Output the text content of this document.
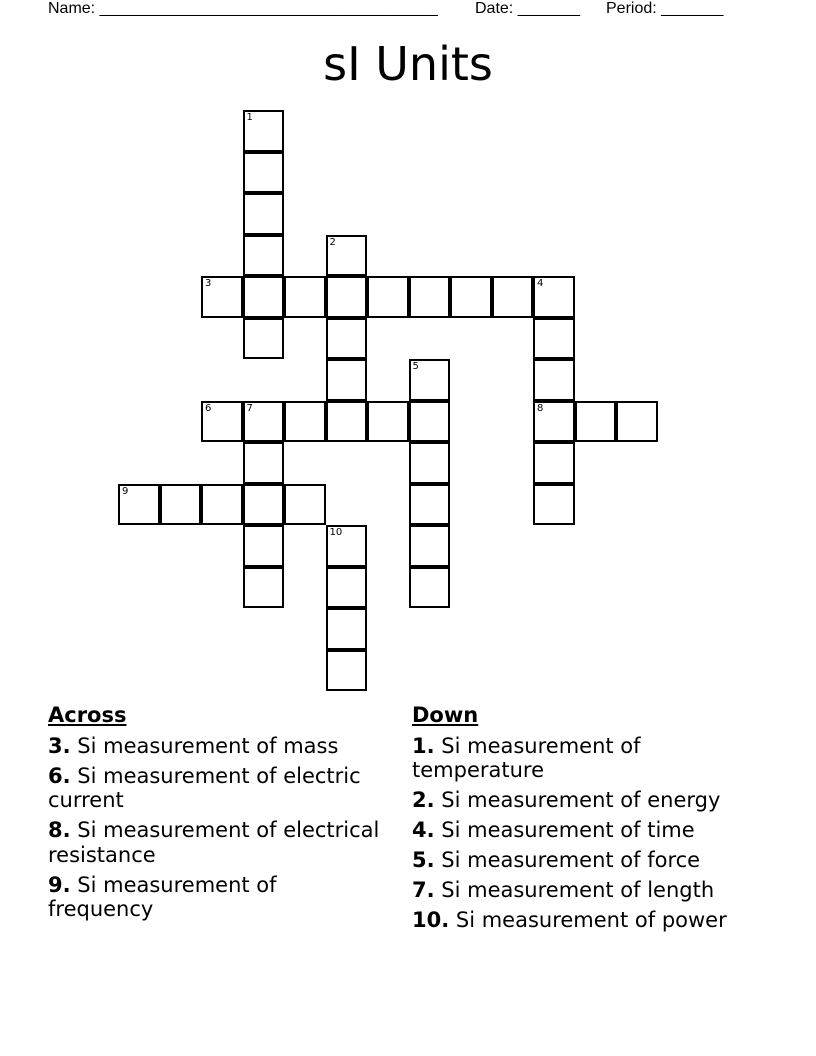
Name: ______________________________________ Date: _______ Period: _______
sI Units
1
2
3	4
8
5
6	7
9
10
Across
3. Si measurement of mass
6. Si measurement of electric current
8. Si measurement of electrical resistance
9. Si measurement of frequency
Down
1. Si measurement of temperature
2. Si measurement of energy
4. Si measurement of time
5. Si measurement of force
7. Si measurement of length
10. Si measurement of power
